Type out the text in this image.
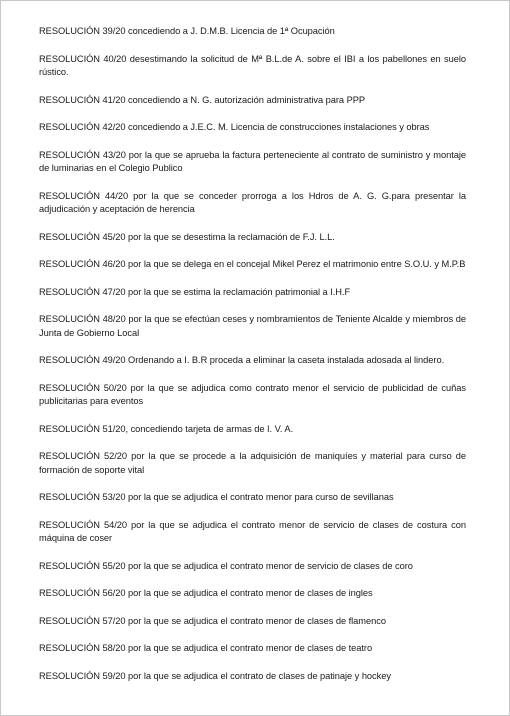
RESOLUCIÓN 39/20 concediendo a J. D.M.B. Licencia de 1ª Ocupación

RESOLUCIÓN 40/20 desestimando la solicitud de Mª B.L.de A. sobre el IBI a los pabellones en suelo rústico.

RESOLUCIÓN 41/20 concediendo a N. G. autorización administrativa para PPP

RESOLUCIÓN 42/20 concediendo a J.E.C. M. Licencia de construcciones instalaciones y obras

RESOLUCIÓN 43/20 por la que se aprueba la factura perteneciente al contrato de suministro y montaje de luminarias en el Colegio Publico

RESOLUCIÓN 44/20 por la que se conceder prorroga a los Hdros de A. G. G.para presentar la adjudicación y aceptación de herencia

RESOLUCIÓN 45/20 por la que se desestima la reclamación de F.J. L.L.

RESOLUCIÓN 46/20 por la que se delega en el concejal Mikel Perez el matrimonio entre S.O.U. y M.P.B

RESOLUCIÓN 47/20 por la que se estima la reclamación patrimonial a I.H.F

RESOLUCIÓN 48/20 por la que se efectúan ceses y nombramientos de Teniente Alcalde y miembros de Junta de Gobierno Local

RESOLUCIÓN 49/20 Ordenando a I. B.R proceda a eliminar la caseta instalada adosada al lindero.

RESOLUCIÓN 50/20 por la que se adjudica como contrato menor el servicio de publicidad de cuñas publicitarias para eventos

RESOLUCIÓN 51/20, concediendo tarjeta de armas de I. V. A.

RESOLUCIÓN 52/20 por la que se procede a la adquisición de maniquíes y material para curso de formación de soporte vital

RESOLUCIÓN 53/20 por la que se adjudica el contrato menor para curso de sevillanas

RESOLUCIÓN 54/20 por la que se adjudica el contrato menor de servicio de clases de costura con máquina de coser

RESOLUCIÓN 55/20 por la que se adjudica el contrato menor de servicio de clases de coro

RESOLUCIÓN 56/20 por la que se adjudica el contrato menor de clases de ingles

RESOLUCIÓN 57/20 por la que se adjudica el contrato menor de clases de flamenco

RESOLUCIÓN 58/20 por la que se adjudica el contrato menor de clases de teatro

RESOLUCIÓN 59/20 por la que se adjudica el contrato de clases de patinaje y hockey
